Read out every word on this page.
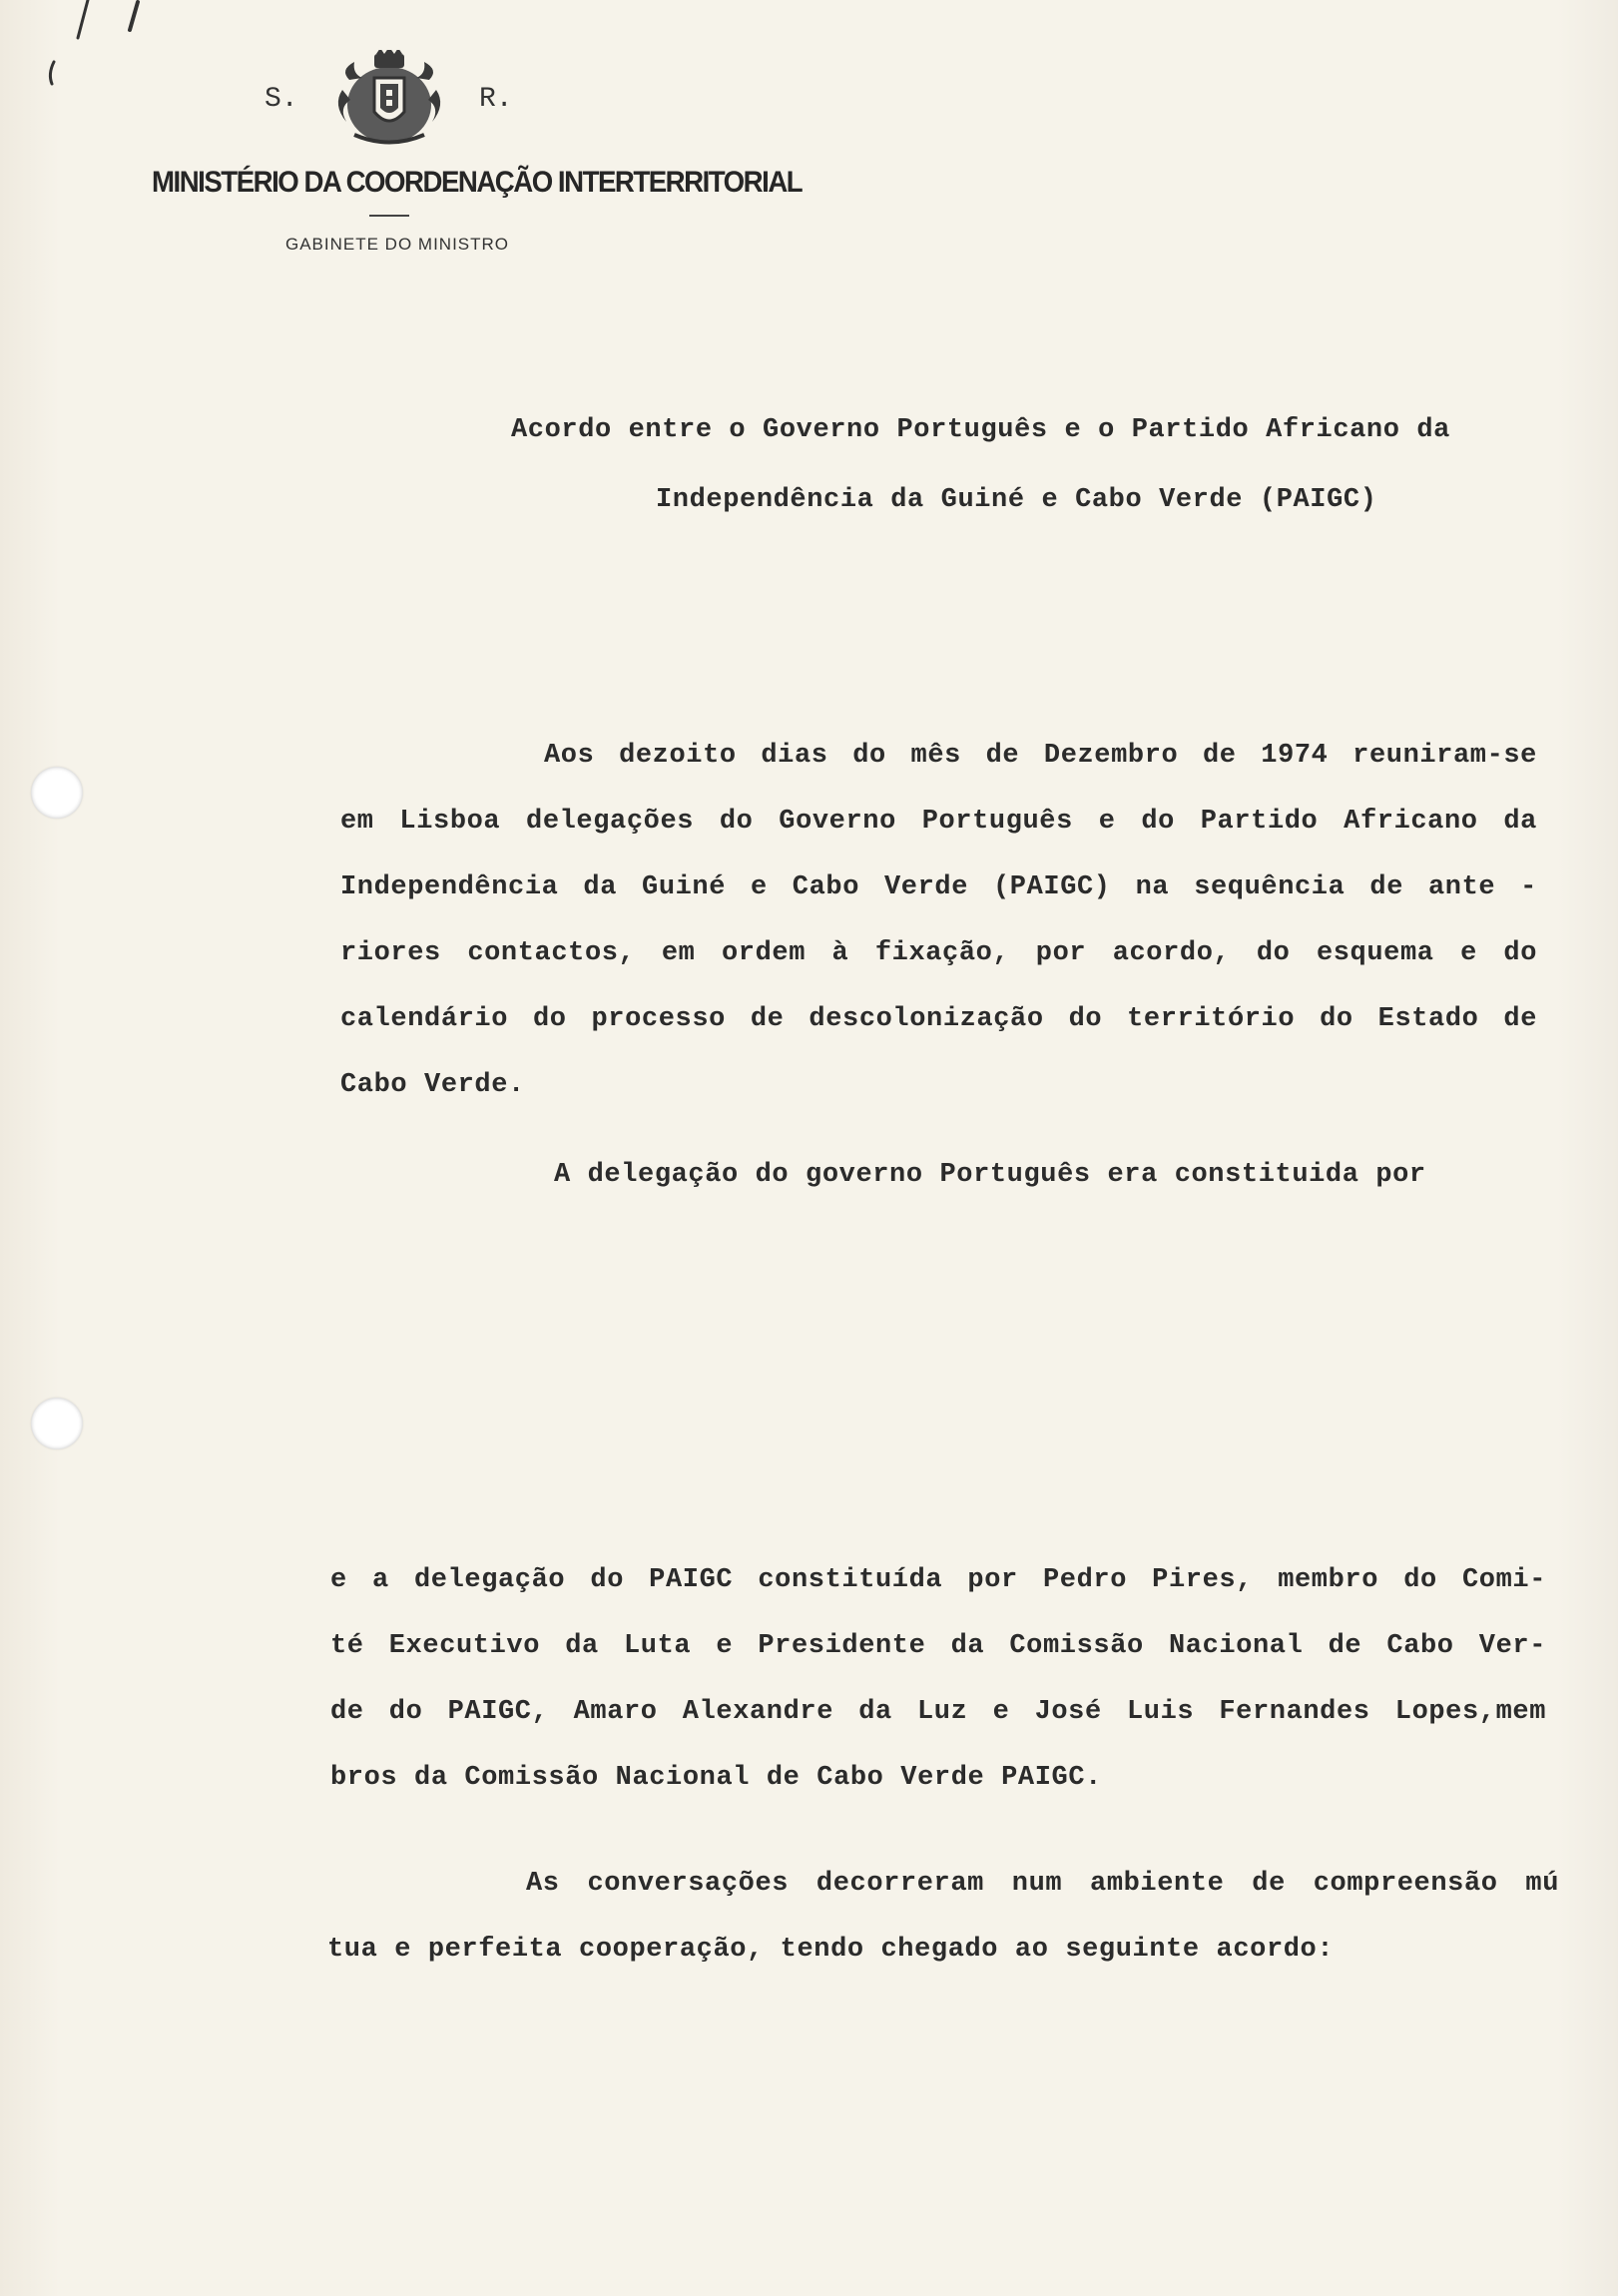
S.	R.
MINISTÉRIO DA COORDENAÇÃO INTERTERRITORIAL
GABINETE DO MINISTRO
Acordo entre o Governo Português e o Partido Africano da
Independência da Guiné e Cabo Verde (PAIGC)
Aos dezoito dias do mês de Dezembro de 1974 reuniram-se
em Lisboa delegações do Governo Português e do Partido Africano da
Independência da Guiné e Cabo Verde (PAIGC) na sequência de ante -
riores contactos, em ordem à fixação, por acordo, do esquema e do
calendário do processo de descolonização do território do Estado de
Cabo Verde.
A delegação do governo Português era constituida por
e a delegação do PAIGC constituída por Pedro Pires, membro do Comi-
té Executivo da Luta e Presidente da Comissão Nacional de Cabo Ver-
de do PAIGC, Amaro Alexandre da Luz e José Luis Fernandes Lopes,mem
bros da Comissão Nacional de Cabo Verde PAIGC.
As conversações decorreram num ambiente de compreensão mú
tua e perfeita cooperação, tendo chegado ao seguinte acordo:
